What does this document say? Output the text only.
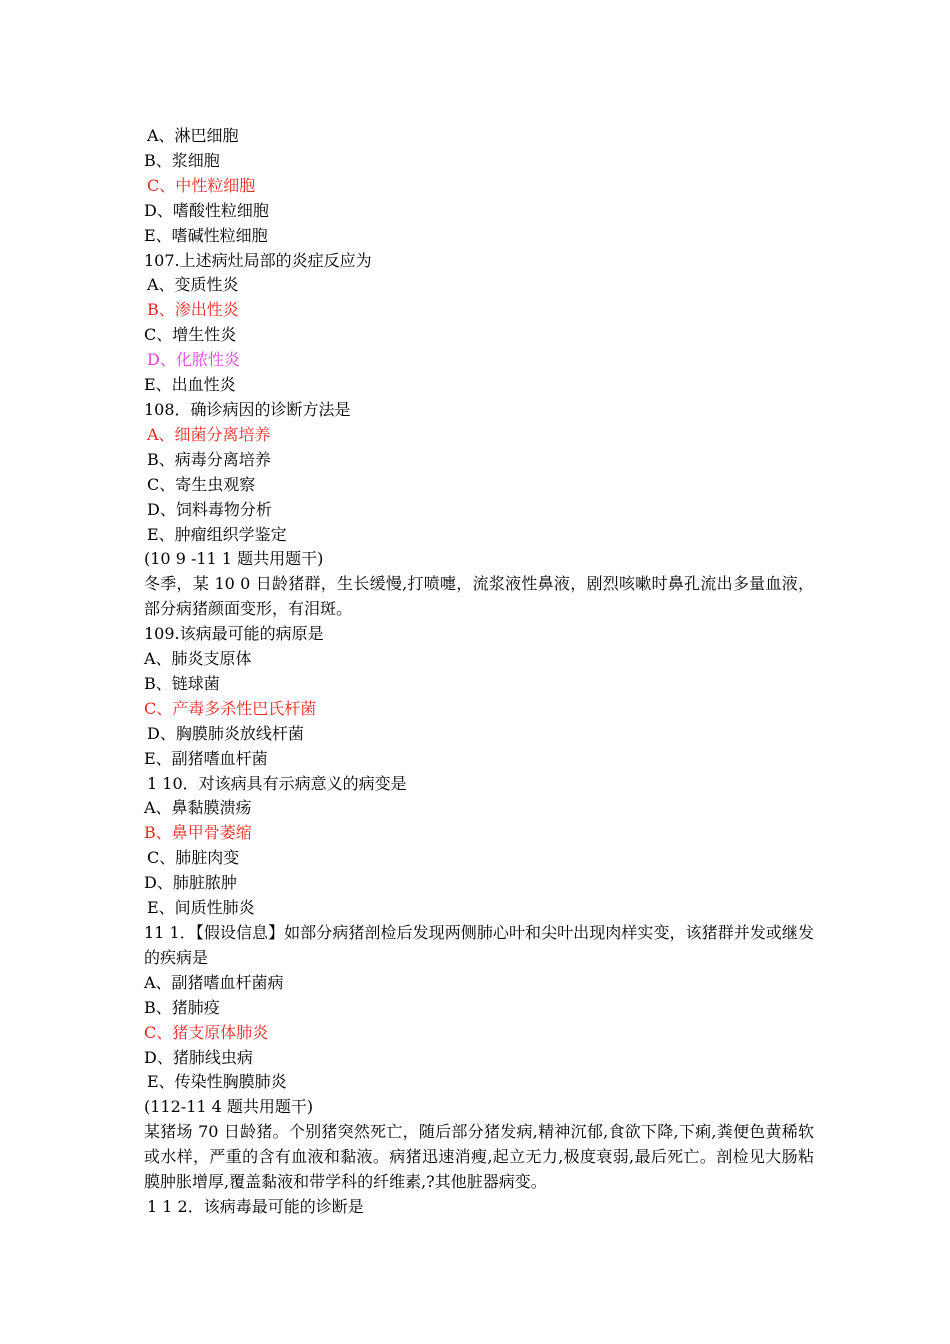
A、淋巴细胞

B、浆细胞

C、中性粒细胞

D、嗜酸性粒细胞

E、嗜碱性粒细胞

107.上述病灶局部的炎症反应为

A、变质性炎

B、渗出性炎

C、增生性炎

D、化脓性炎

E、出血性炎

108．确诊病因的诊断方法是

A、细菌分离培养

B、病毒分离培养

C、寄生虫观察

D、饲料毒物分析

E、肿瘤组织学鉴定

(10 9 -11 1 题共用题干)

冬季，某 10 0 日龄猪群，生长缓慢,打喷嚏，流浆液性鼻液，剧烈咳嗽时鼻孔流出多量血液，部分病猪颜面变形，有泪斑。

109.该病最可能的病原是

A、肺炎支原体

B、链球菌

C、产毒多杀性巴氏杆菌

D、胸膜肺炎放线杆菌

E、副猪嗜血杆菌

1 10．对该病具有示病意义的病变是

A、鼻黏膜溃疡

B、鼻甲骨萎缩

C、肺脏肉变

D、肺脏脓肿

E、间质性肺炎

11 1．【假设信息】如部分病猪剖检后发现两侧肺心叶和尖叶出现肉样实变，该猪群并发或继发的疾病是

A、副猪嗜血杆菌病

B、猪肺疫

C、猪支原体肺炎

D、猪肺线虫病

E、传染性胸膜肺炎

(112-11 4 题共用题干)

某猪场 70 日龄猪。个别猪突然死亡，随后部分猪发病,精神沉郁,食欲下降,下痢,粪便色黄稀软或水样，严重的含有血液和黏液。病猪迅速消瘦,起立无力,极度衰弱,最后死亡。剖检见大肠粘膜肿胀增厚,覆盖黏液和带学科的纤维素,?其他脏器病变。

1 1 2．该病毒最可能的诊断是
